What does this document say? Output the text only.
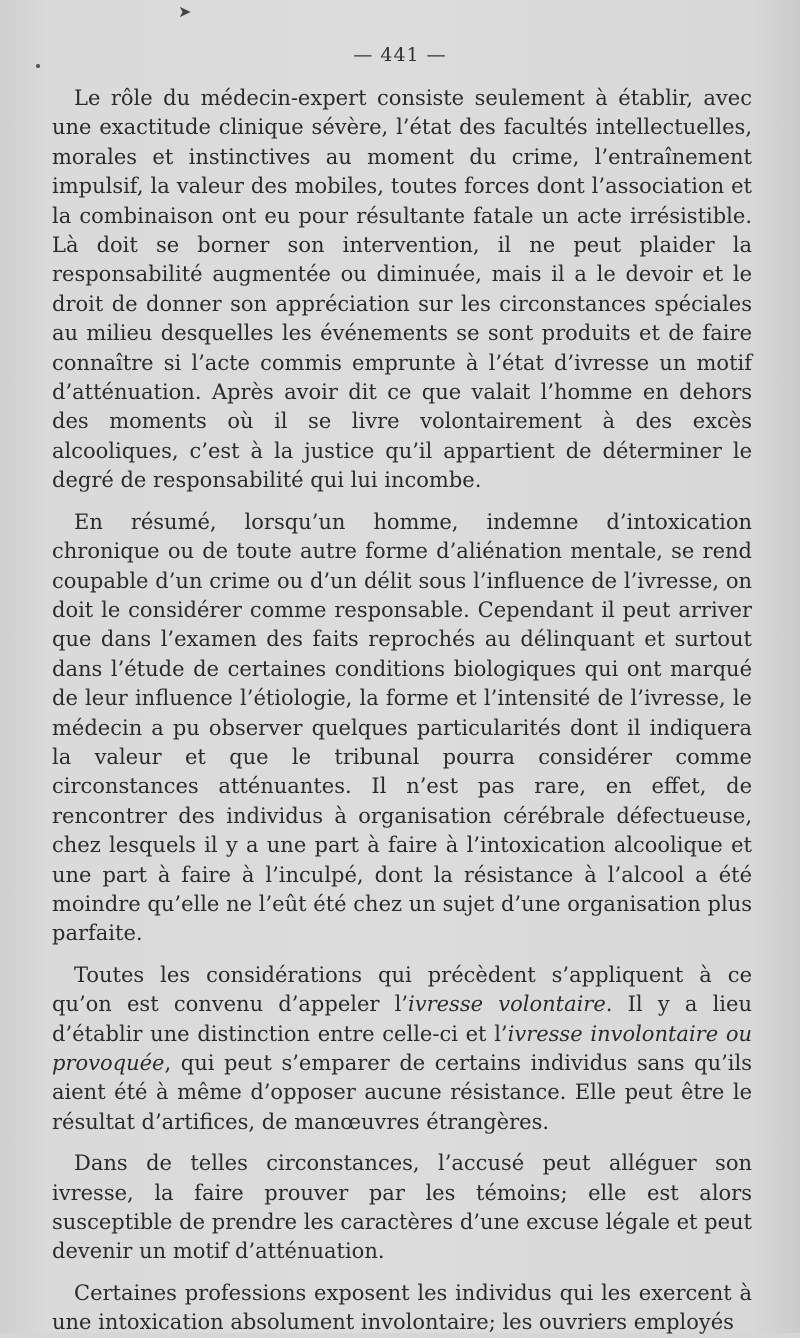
➤
— 441 —

Le rôle du médecin-expert consiste seulement à établir, avec une exactitude clinique sévère, l’état des facultés intellectuelles, morales et instinctives au moment du crime, l’entraînement impulsif, la valeur des mobiles, toutes forces dont l’association et la combinaison ont eu pour résultante fatale un acte irrésistible. Là doit se borner son intervention, il ne peut plaider la responsabilité augmentée ou diminuée, mais il a le devoir et le droit de donner son appréciation sur les circonstances spéciales au milieu desquelles les événements se sont produits et de faire connaître si l’acte commis emprunte à l’état d’ivresse un motif d’atténuation. Après avoir dit ce que valait l’homme en dehors des moments où il se livre volontairement à des excès alcooliques, c’est à la justice qu’il appartient de déterminer le degré de responsabilité qui lui incombe.

En résumé, lorsqu’un homme, indemne d’intoxication chronique ou de toute autre forme d’aliénation mentale, se rend coupable d’un crime ou d’un délit sous l’influence de l’ivresse, on doit le considérer comme responsable. Cependant il peut arriver que dans l’examen des faits reprochés au délinquant et surtout dans l’étude de certaines conditions biologiques qui ont marqué de leur influence l’étiologie, la forme et l’intensité de l’ivresse, le médecin a pu observer quelques particularités dont il indiquera la valeur et que le tribunal pourra considérer comme circonstances atténuantes. Il n’est pas rare, en effet, de rencontrer des individus à organisation cérébrale défectueuse, chez lesquels il y a une part à faire à l’intoxication alcoolique et une part à faire à l’inculpé, dont la résistance à l’alcool a été moindre qu’elle ne l’eût été chez un sujet d’une organisation plus parfaite.

Toutes les considérations qui précèdent s’appliquent à ce qu’on est convenu d’appeler l’ivresse volontaire. Il y a lieu d’établir une distinction entre celle-ci et l’ivresse involontaire ou provoquée, qui peut s’emparer de certains individus sans qu’ils aient été à même d’opposer aucune résistance. Elle peut être le résultat d’artifices, de manœuvres étrangères.

Dans de telles circonstances, l’accusé peut alléguer son ivresse, la faire prouver par les témoins; elle est alors susceptible de prendre les caractères d’une excuse légale et peut devenir un motif d’atténuation.

Certaines professions exposent les individus qui les exercent à une intoxication absolument involontaire; les ouvriers employés
